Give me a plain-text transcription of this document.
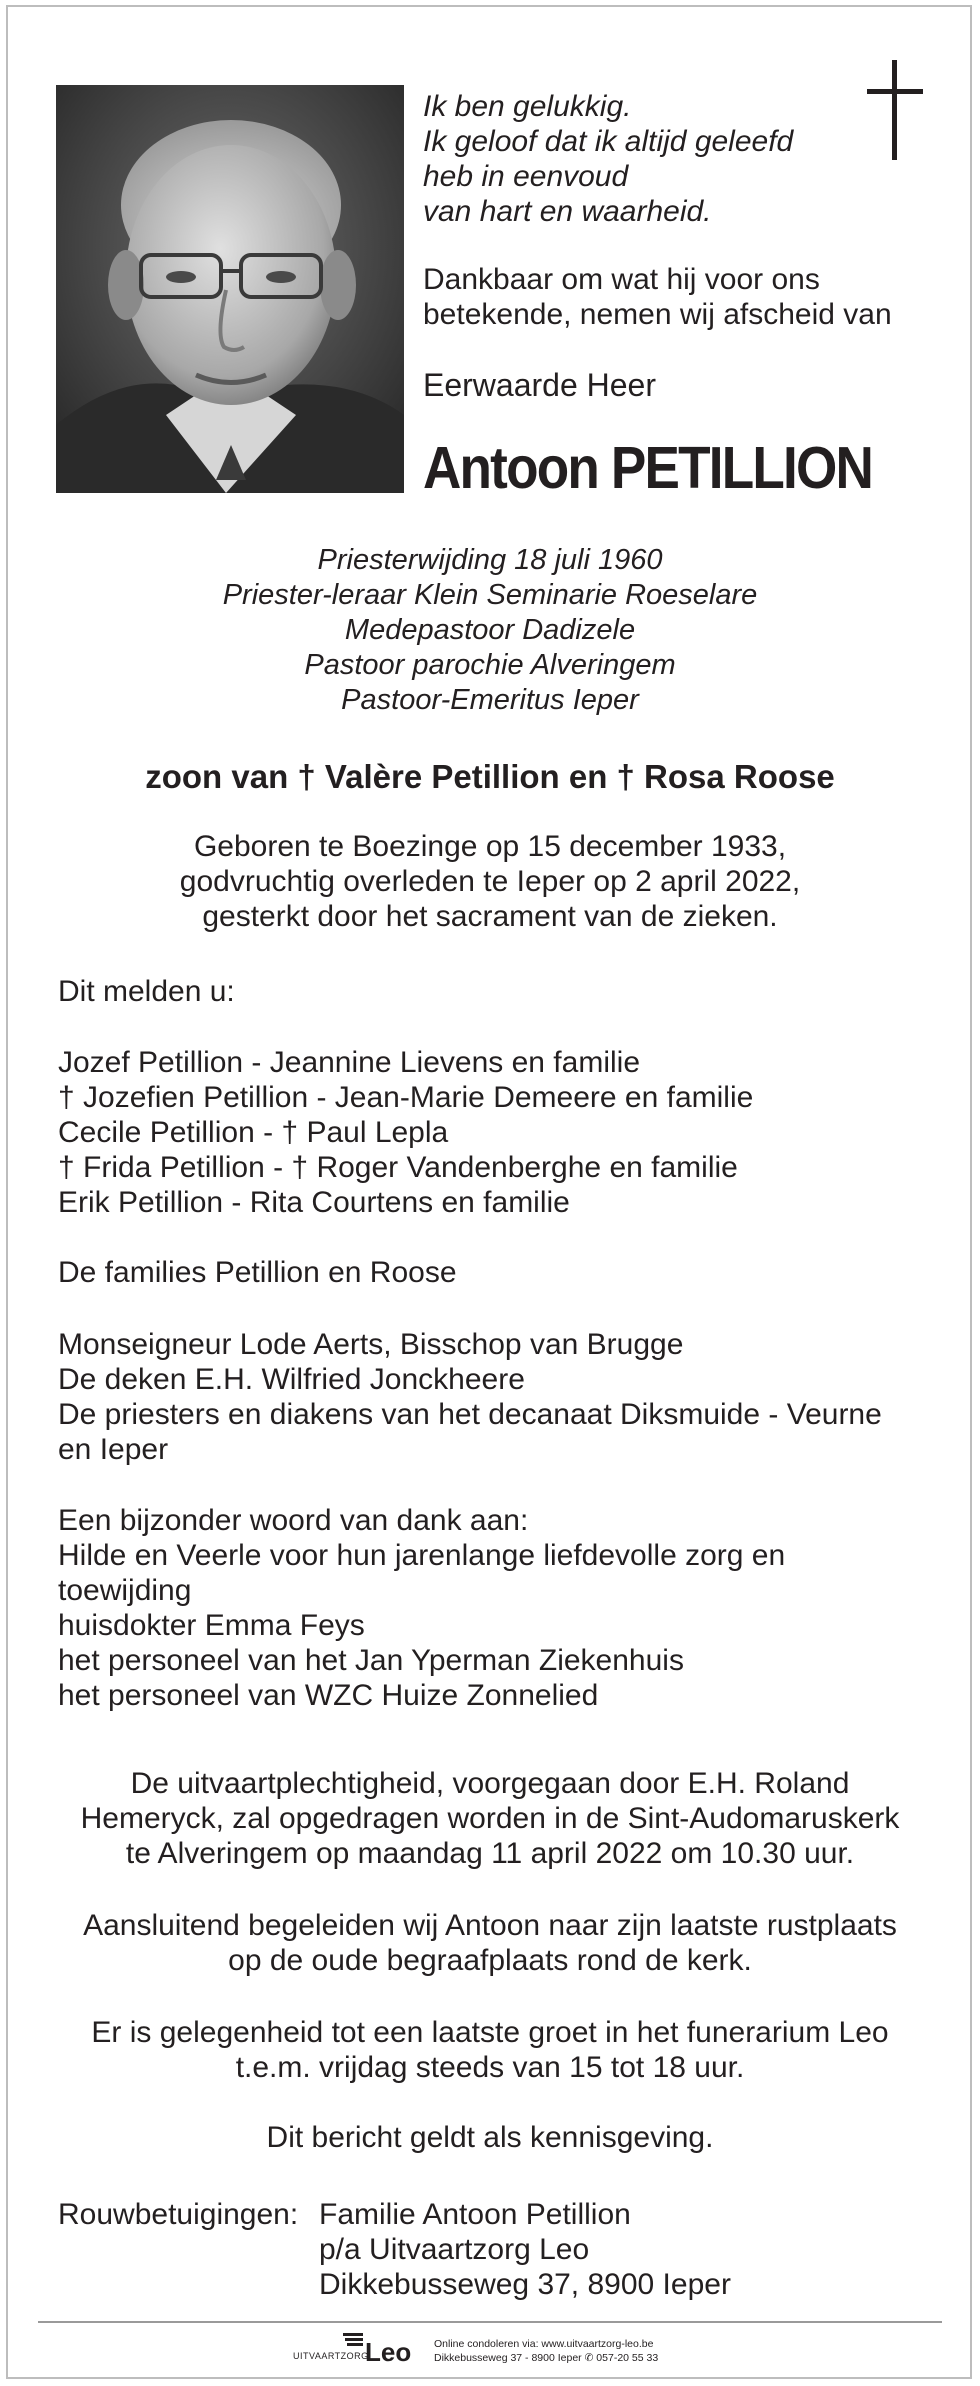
Ik ben gelukkig.
Ik geloof dat ik altijd geleefd
heb in eenvoud
van hart en waarheid.
Dankbaar om wat hij voor ons
betekende, nemen wij afscheid van
Eerwaarde Heer
Antoon PETILLION
Priesterwijding 18 juli 1960
Priester-leraar Klein Seminarie Roeselare
Medepastoor Dadizele
Pastoor parochie Alveringem
Pastoor-Emeritus Ieper
zoon van † Valère Petillion en † Rosa Roose
Geboren te Boezinge op 15 december 1933,
godvruchtig overleden te Ieper op 2 april 2022,
gesterkt door het sacrament van de zieken.
Dit melden u:
Jozef Petillion - Jeannine Lievens en familie
† Jozefien Petillion - Jean-Marie Demeere en familie
Cecile Petillion - † Paul Lepla
† Frida Petillion - † Roger Vandenberghe en familie
Erik Petillion - Rita Courtens en familie
De families Petillion en Roose
Monseigneur Lode Aerts, Bisschop van Brugge
De deken E.H. Wilfried Jonckheere
De priesters en diakens van het decanaat Diksmuide - Veurne
en Ieper
Een bijzonder woord van dank aan:
Hilde en Veerle voor hun jarenlange liefdevolle zorg en
toewijding
huisdokter Emma Feys
het personeel van het Jan Yperman Ziekenhuis
het personeel van WZC Huize Zonnelied
De uitvaartplechtigheid, voorgegaan door E.H. Roland
Hemeryck, zal opgedragen worden in de Sint-Audomaruskerk
te Alveringem op maandag 11 april 2022 om 10.30 uur.
Aansluitend begeleiden wij Antoon naar zijn laatste rustplaats
op de oude begraafplaats rond de kerk.
Er is gelegenheid tot een laatste groet in het funerarium Leo
t.e.m. vrijdag steeds van 15 tot 18 uur.
Dit bericht geldt als kennisgeving.
Rouwbetuigingen: Familie Antoon Petillion
p/a Uitvaartzorg Leo
Dikkebusseweg 37, 8900 Ieper
UITVAARTZORG
Leo Online condoleren via: www.uitvaartzorg-leo.be
Dikkebusseweg 37 - 8900 Ieper ✆ 057-20 55 33
